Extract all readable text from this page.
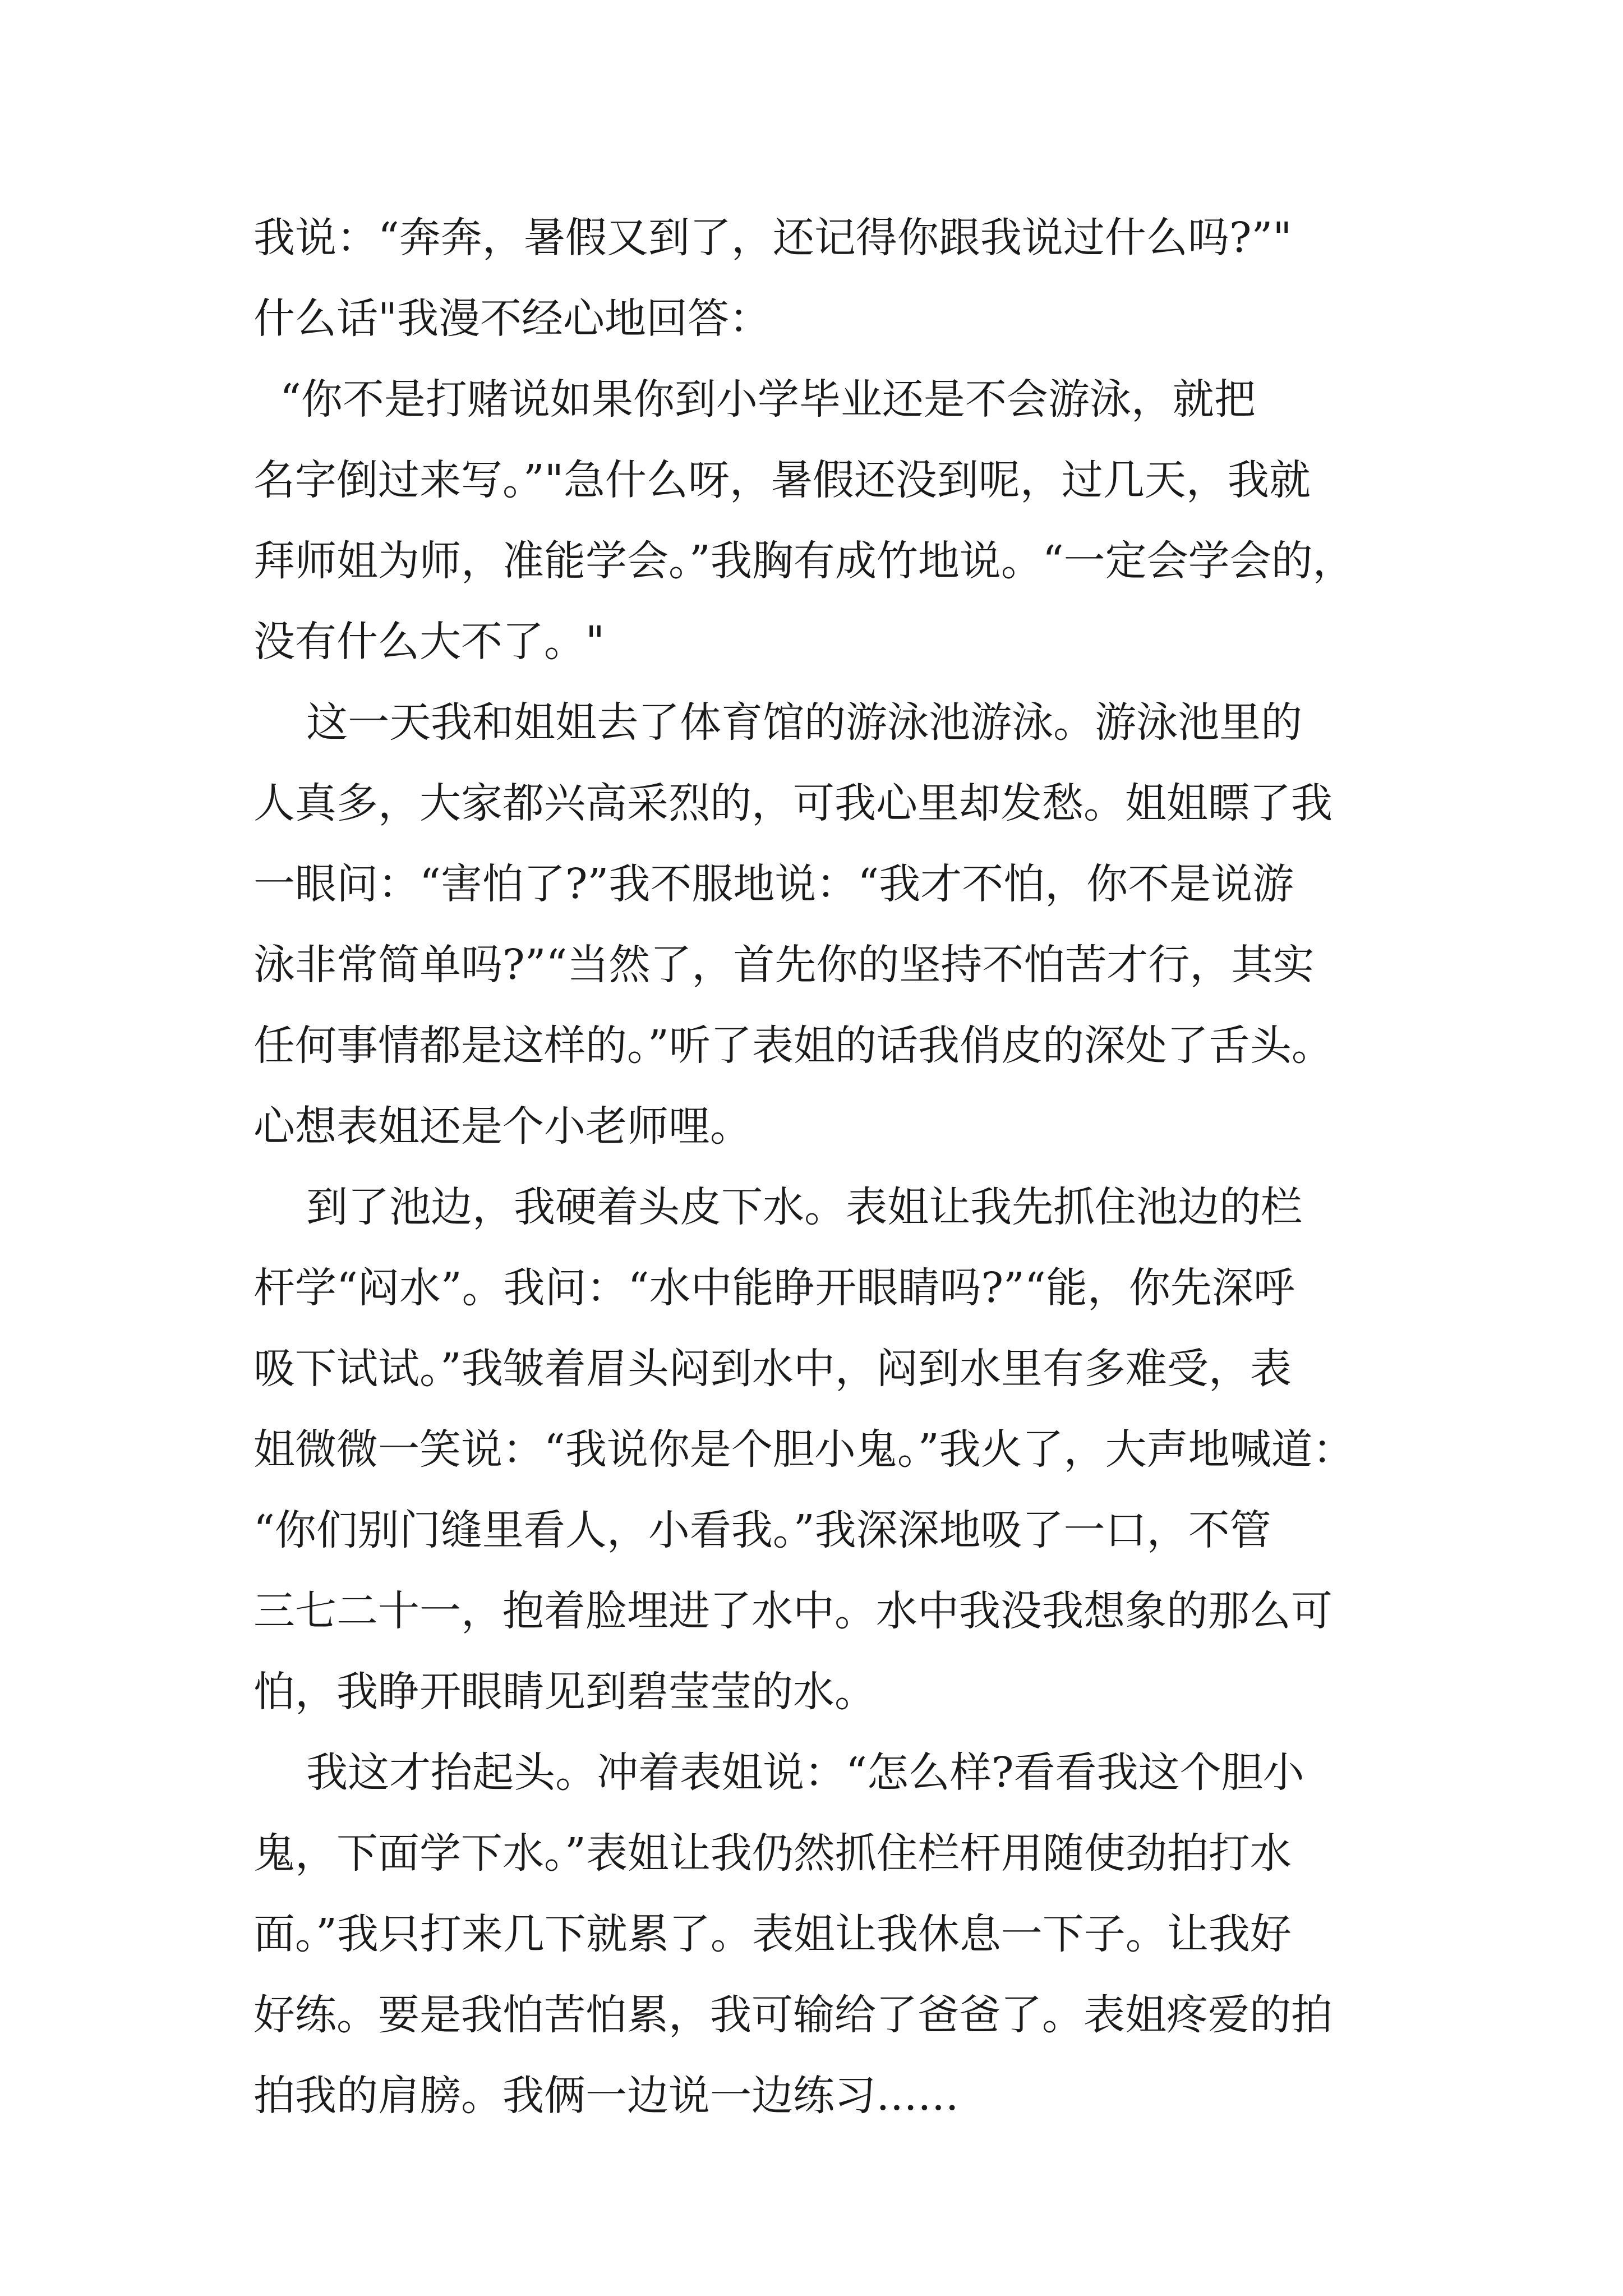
我说：“奔奔，暑假又到了，还记得你跟我说过什么吗?”"
什么话"我漫不经心地回答：
“你不是打赌说如果你到小学毕业还是不会游泳，就把
名字倒过来写。”"急什么呀，暑假还没到呢，过几天，我就
拜师姐为师，准能学会。”我胸有成竹地说。“一定会学会的，
没有什么大不了。"
这一天我和姐姐去了体育馆的游泳池游泳。游泳池里的
人真多，大家都兴高采烈的，可我心里却发愁。姐姐瞟了我
一眼问：“害怕了?”我不服地说：“我才不怕，你不是说游
泳非常简单吗?”“当然了，首先你的坚持不怕苦才行，其实
任何事情都是这样的。”听了表姐的话我俏皮的深处了舌头。
心想表姐还是个小老师哩。
到了池边，我硬着头皮下水。表姐让我先抓住池边的栏
杆学“闷水”。我问：“水中能睁开眼睛吗?”“能，你先深呼
吸下试试。”我皱着眉头闷到水中，闷到水里有多难受，表
姐微微一笑说：“我说你是个胆小鬼。”我火了，大声地喊道：
“你们别门缝里看人，小看我。”我深深地吸了一口，不管
三七二十一，抱着脸埋进了水中。水中我没我想象的那么可
怕，我睁开眼睛见到碧莹莹的水。
我这才抬起头。冲着表姐说：“怎么样?看看我这个胆小
鬼，下面学下水。”表姐让我仍然抓住栏杆用随使劲拍打水
面。”我只打来几下就累了。表姐让我休息一下子。让我好
好练。要是我怕苦怕累，我可输给了爸爸了。表姐疼爱的拍
拍我的肩膀。我俩一边说一边练习……
